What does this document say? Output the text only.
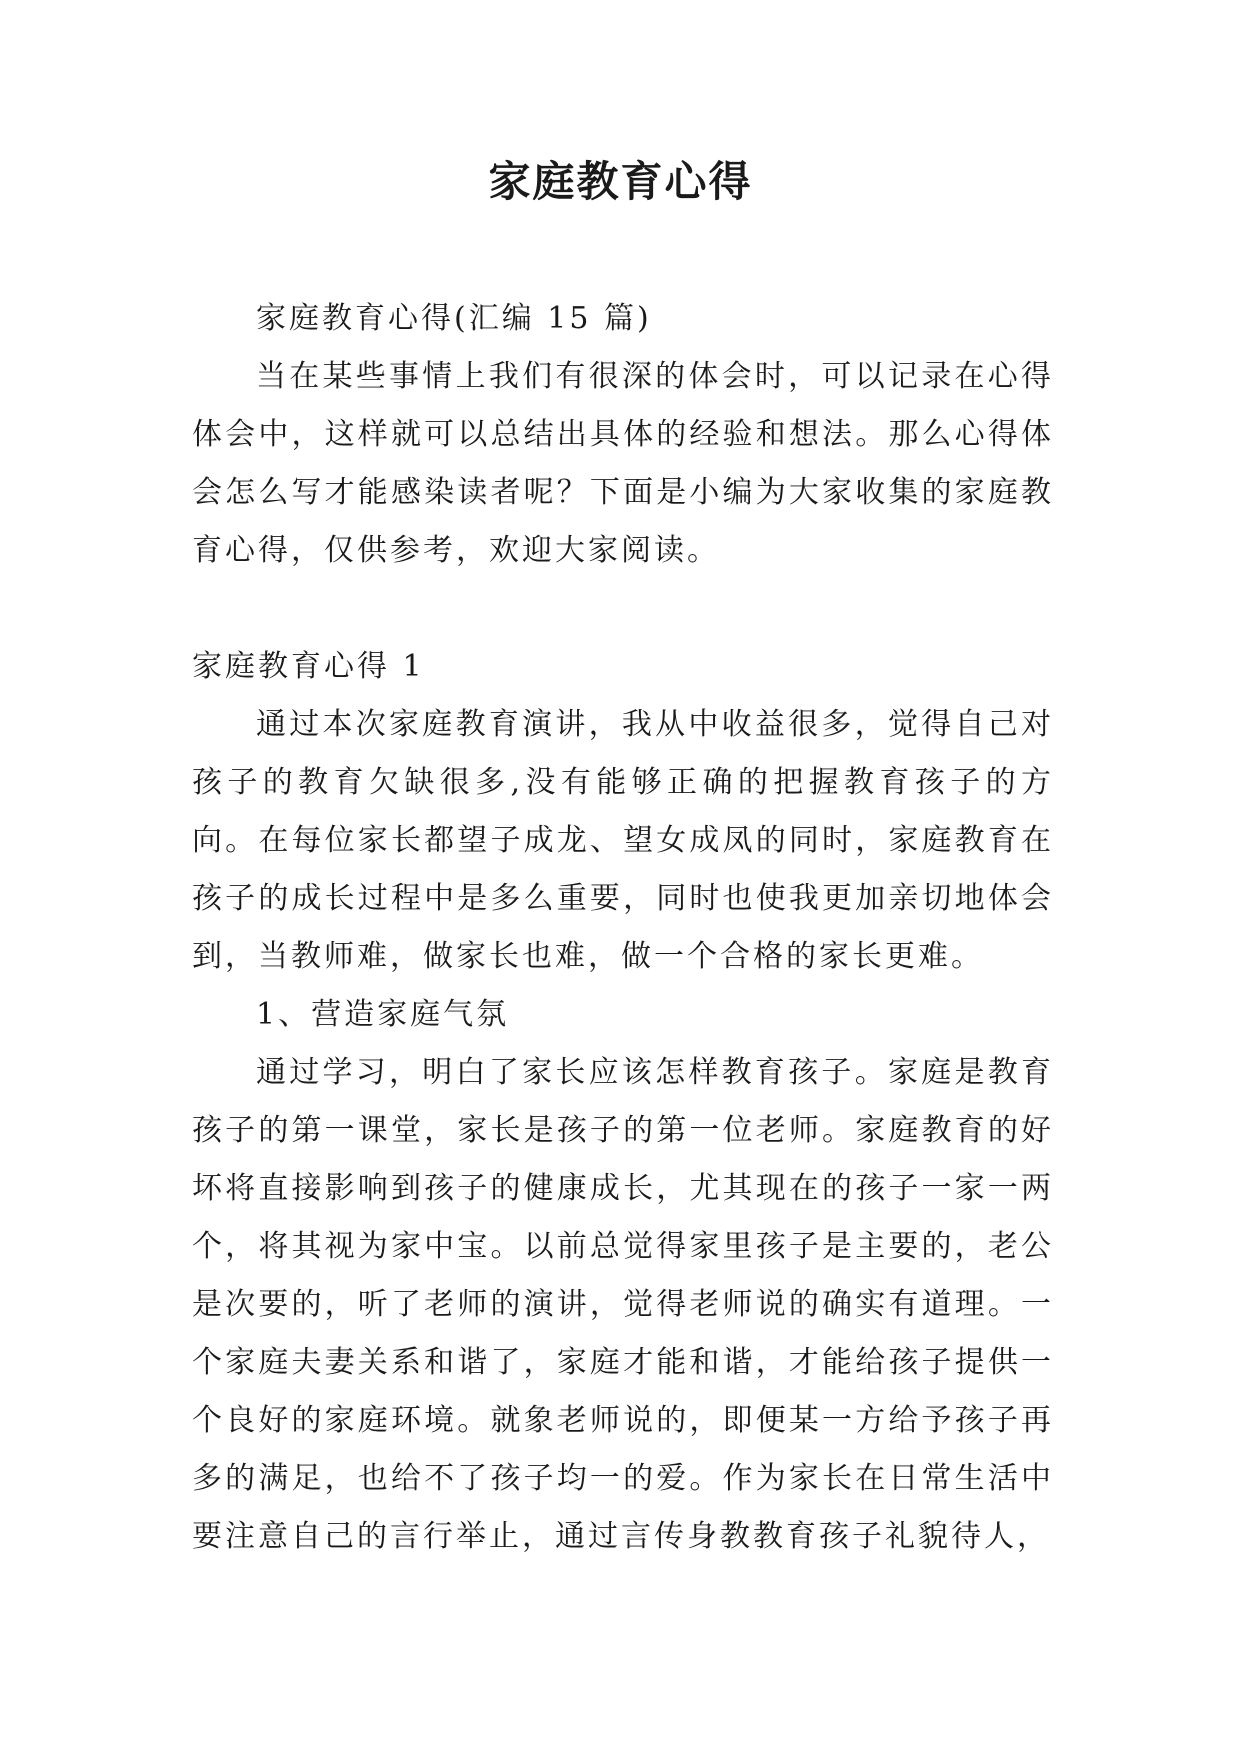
家庭教育心得

家庭教育心得(汇编 15 篇)

当在某些事情上我们有很深的体会时，可以记录在心得体会中，这样就可以总结出具体的经验和想法。那么心得体会怎么写才能感染读者呢？下面是小编为大家收集的家庭教育心得，仅供参考，欢迎大家阅读。

家庭教育心得 1

通过本次家庭教育演讲，我从中收益很多，觉得自己对孩子的教育欠缺很多,没有能够正确的把握教育孩子的方向。在每位家长都望子成龙、望女成凤的同时，家庭教育在孩子的成长过程中是多么重要，同时也使我更加亲切地体会到，当教师难，做家长也难，做一个合格的家长更难。

1、营造家庭气氛

通过学习，明白了家长应该怎样教育孩子。家庭是教育孩子的第一课堂，家长是孩子的第一位老师。家庭教育的好坏将直接影响到孩子的健康成长，尤其现在的孩子一家一两个，将其视为家中宝。以前总觉得家里孩子是主要的，老公是次要的，听了老师的演讲，觉得老师说的确实有道理。一个家庭夫妻关系和谐了，家庭才能和谐，才能给孩子提供一个良好的家庭环境。就象老师说的，即便某一方给予孩子再多的满足，也给不了孩子均一的爱。作为家长在日常生活中要注意自己的言行举止，通过言传身教教育孩子礼貌待人，
